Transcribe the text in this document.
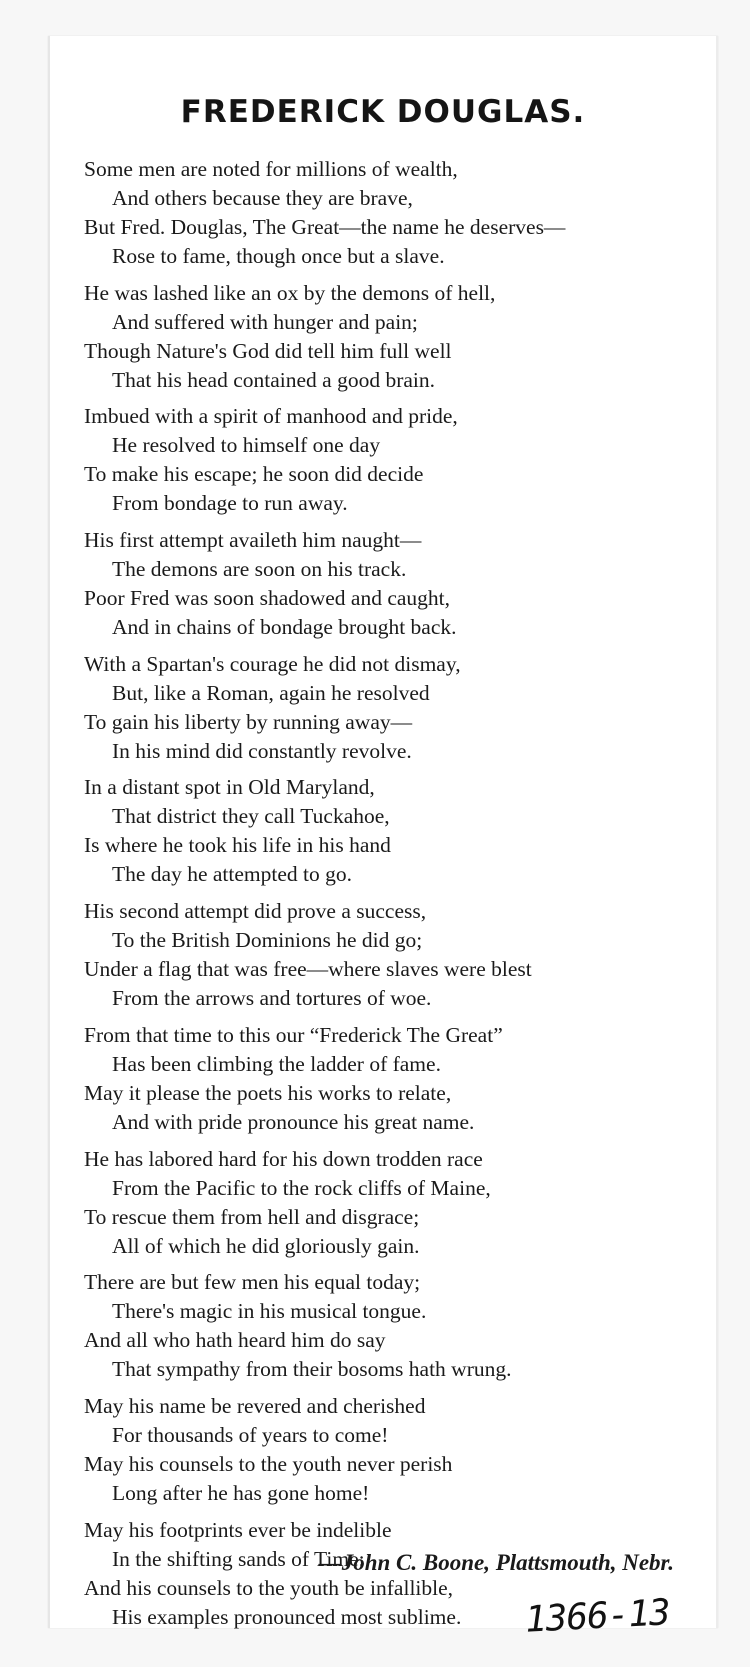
FREDERICK DOUGLAS.
Some men are noted for millions of wealth,
And others because they are brave,
But Fred. Douglas, The Great—the name he deserves—
Rose to fame, though once but a slave.
He was lashed like an ox by the demons of hell,
And suffered with hunger and pain;
Though Nature's God did tell him full well
That his head contained a good brain.
Imbued with a spirit of manhood and pride,
He resolved to himself one day
To make his escape; he soon did decide
From bondage to run away.
His first attempt availeth him naught—
The demons are soon on his track.
Poor Fred was soon shadowed and caught,
And in chains of bondage brought back.
With a Spartan's courage he did not dismay,
But, like a Roman, again he resolved
To gain his liberty by running away—
In his mind did constantly revolve.
In a distant spot in Old Maryland,
That district they call Tuckahoe,
Is where he took his life in his hand
The day he attempted to go.
His second attempt did prove a success,
To the British Dominions he did go;
Under a flag that was free—where slaves were blest
From the arrows and tortures of woe.
From that time to this our “Frederick The Great”
Has been climbing the ladder of fame.
May it please the poets his works to relate,
And with pride pronounce his great name.
He has labored hard for his down trodden race
From the Pacific to the rock cliffs of Maine,
To rescue them from hell and disgrace;
All of which he did gloriously gain.
There are but few men his equal today;
There's magic in his musical tongue.
And all who hath heard him do say
That sympathy from their bosoms hath wrung.
May his name be revered and cherished
For thousands of years to come!
May his counsels to the youth never perish
Long after he has gone home!
May his footprints ever be indelible
In the shifting sands of Time;
And his counsels to the youth be infallible,
His examples pronounced most sublime.
—John C. Boone, Plattsmouth, Nebr.
1366-13
